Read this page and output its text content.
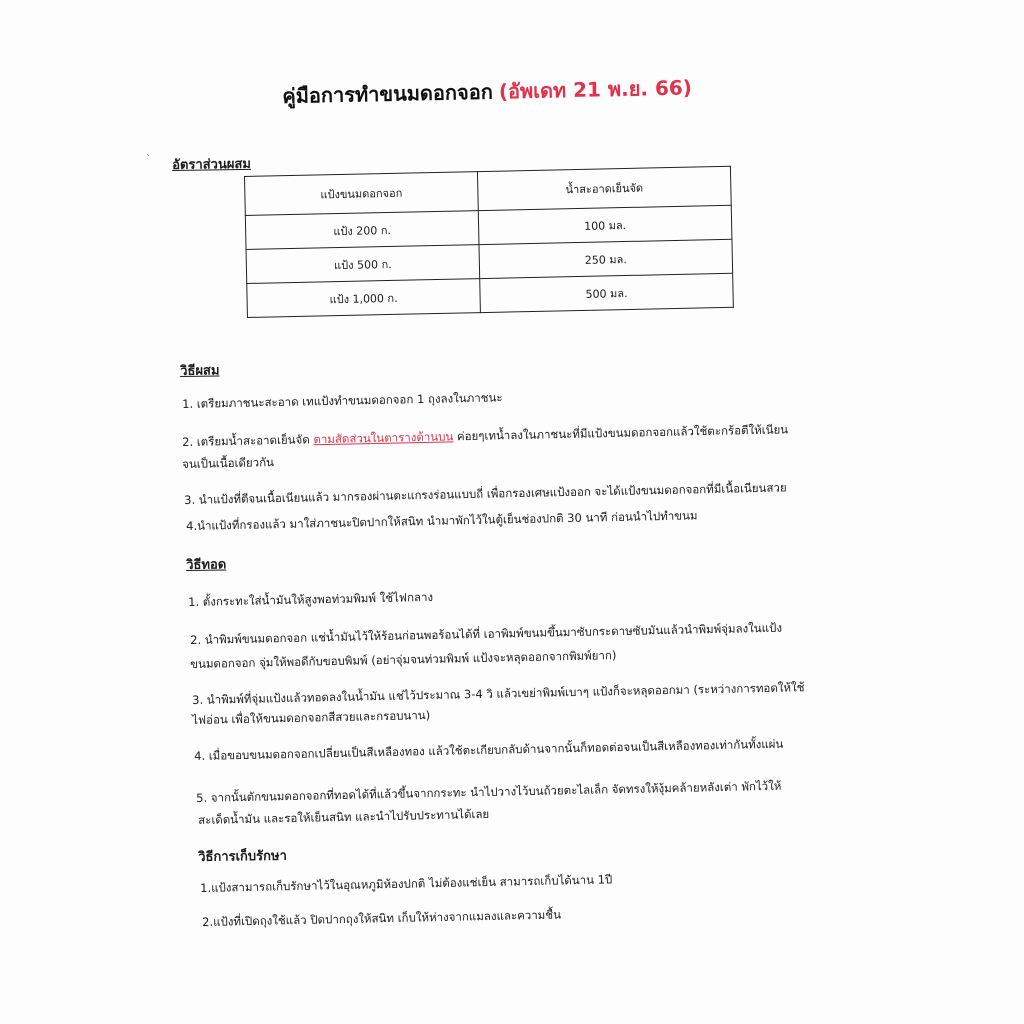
คู่มือการทำขนมดอกจอก (อัพเดท 21 พ.ย. 66)
ˋ อัตราส่วนผสม
แป้งขนมดอกจอก	น้ำสะอาดเย็นจัด
แป้ง 200 ก.	100 มล.
แป้ง 500 ก.	250 มล.
แป้ง 1,000 ก.	500 มล.
วิธีผสม
1. เตรียมภาชนะสะอาด เทแป้งทำขนมดอกจอก 1 ถุงลงในภาชนะ
2. เตรียมน้ำสะอาดเย็นจัด ตามสัดส่วนในตารางด้านบน ค่อยๆเทน้ำลงในภาชนะที่มีแป้งขนมดอกจอกแล้วใช้ตะกร้อตีให้เนียน
จนเป็นเนื้อเดียวกัน
3. นำแป้งที่ตีจนเนื้อเนียนแล้ว มากรองผ่านตะแกรงร่อนแบบถี่ เพื่อกรองเศษแป้งออก จะได้แป้งขนมดอกจอกที่มีเนื้อเนียนสวย
4.นำแป้งที่กรองแล้ว มาใส่ภาชนะปิดปากให้สนิท นำมาพักไว้ในตู้เย็นช่องปกติ 30 นาที ก่อนนำไปทำขนม
วิธีทอด
1. ตั้งกระทะใส่น้ำมันให้สูงพอท่วมพิมพ์ ใช้ไฟกลาง
2. นำพิมพ์ขนมดอกจอก แช่น้ำมันไว้ให้ร้อนก่อนพอร้อนได้ที่ เอาพิมพ์ขนมขึ้นมาซับกระดาษซับมันแล้วนำพิมพ์จุ่มลงในแป้ง
ขนมดอกจอก จุ่มให้พอดีกับขอบพิมพ์ (อย่าจุ่มจนท่วมพิมพ์ แป้งจะหลุดออกจากพิมพ์ยาก)
3. นำพิมพ์ที่จุ่มแป้งแล้วทอดลงในน้ำมัน แช่ไว้ประมาณ 3-4 วิ แล้วเขย่าพิมพ์เบาๆ แป้งก็จะหลุดออกมา (ระหว่างการทอดให้ใช้
ไฟอ่อน เพื่อให้ขนมดอกจอกสีสวยและกรอบนาน)
4. เมื่อขอบขนมดอกจอกเปลี่ยนเป็นสีเหลืองทอง แล้วใช้ตะเกียบกลับด้านจากนั้นก็ทอดต่อจนเป็นสีเหลืองทองเท่ากันทั้งแผ่น
5. จากนั้นตักขนมดอกจอกที่ทอดได้ที่แล้วขึ้นจากกระทะ นำไปวางไว้บนถ้วยตะไลเล็ก จัดทรงให้งุ้มคล้ายหลังเต่า พักไว้ให้
สะเด็ดน้ำมัน และรอให้เย็นสนิท และนำไปรับประทานได้เลย
วิธีการเก็บรักษา
1.แป้งสามารถเก็บรักษาไว้ในอุณหภูมิห้องปกติ ไม่ต้องแช่เย็น สามารถเก็บได้นาน 1ปี
2.แป้งที่เปิดถุงใช้แล้ว ปิดปากถุงให้สนิท เก็บให้ห่างจากแมลงและความชื้น
